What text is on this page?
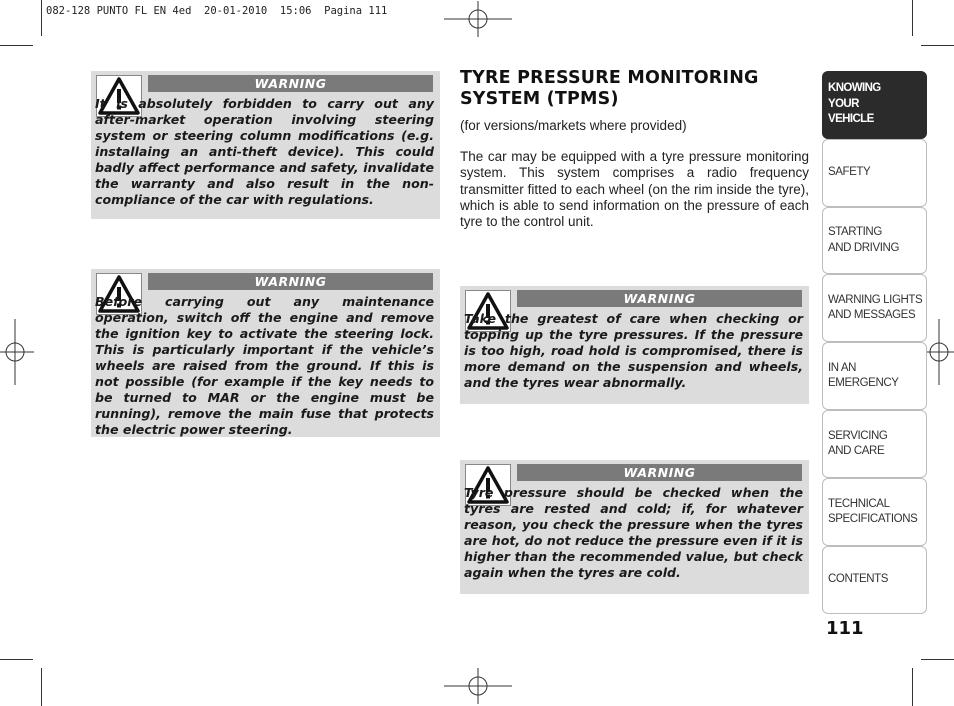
082-128 PUNTO FL EN 4ed  20-01-2010  15:06  Pagina 111
WARNING
It is absolutely forbidden to carry out any after-market operation involving steering system or steering column modifications (e.g. installaing an anti-theft device). This could badly affect performance and safety, invalidate the warranty and also result in the non-compliance of the car with regulations.
WARNING
Before carrying out any maintenance operation, switch off the engine and remove the ignition key to activate the steering lock. This is particularly important if the vehicle’s wheels are raised from the ground. If this is not possible (for example if the key needs to be turned to MAR or the engine must be running), remove the main fuse that protects the electric power steering.
TYRE PRESSURE MONITORING
SYSTEM (TPMS)
(for versions/markets where provided)
The car may be equipped with a tyre pressure monitoring system. This system comprises a radio frequency transmitter fitted to each wheel (on the rim inside the tyre), which is able to send information on the pressure of each tyre to the control unit.
WARNING
Take the greatest of care when checking or topping up the tyre pressures. If the pressure is too high, road hold is compromised, there is more demand on the suspension and wheels, and the tyres wear abnormally.
WARNING
Tyre pressure should be checked when the tyres are rested and cold; if, for whatever reason, you check the pressure when the tyres are hot, do not reduce the pressure even if it is higher than the recommended value, but check again when the tyres are cold.
KNOWING
YOUR
VEHICLE
SAFETY
STARTING
AND DRIVING
WARNING LIGHTS
AND MESSAGES
IN AN
EMERGENCY
SERVICING
AND CARE
TECHNICAL
SPECIFICATIONS
CONTENTS
111
